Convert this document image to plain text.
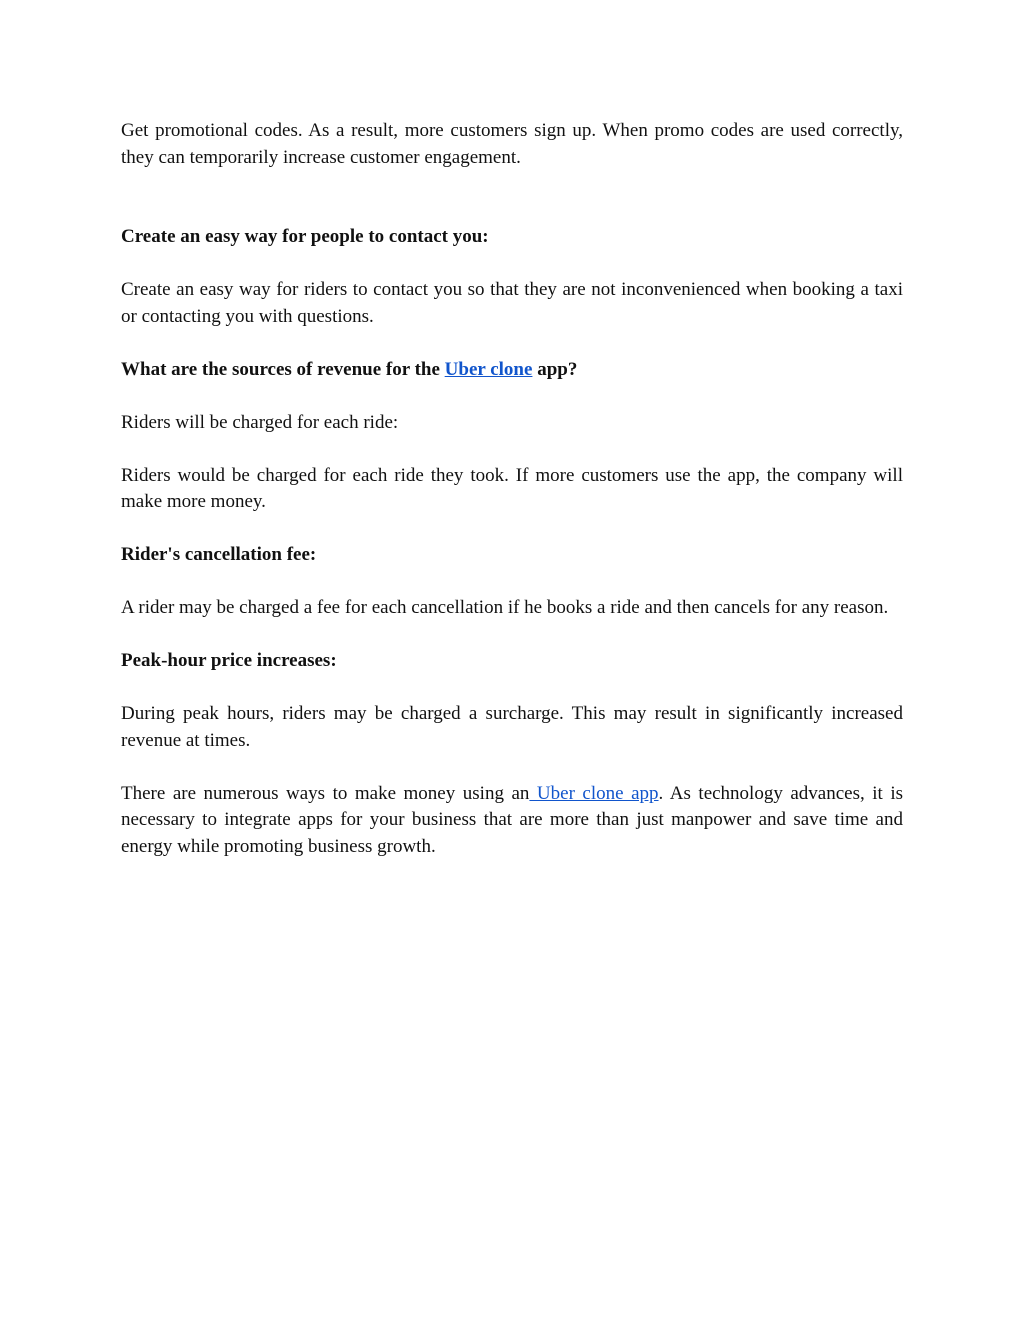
Get promotional codes. As a result, more customers sign up. When promo codes are used correctly, they can temporarily increase customer engagement.

Create an easy way for people to contact you:

Create an easy way for riders to contact you so that they are not inconvenienced when booking a taxi or contacting you with questions.

What are the sources of revenue for the Uber clone app?

Riders will be charged for each ride:

Riders would be charged for each ride they took. If more customers use the app, the company will make more money.

Rider's cancellation fee:

A rider may be charged a fee for each cancellation if he books a ride and then cancels for any reason.

Peak-hour price increases:

During peak hours, riders may be charged a surcharge. This may result in significantly increased revenue at times.

There are numerous ways to make money using an Uber clone app. As technology advances, it is necessary to integrate apps for your business that are more than just manpower and save time and energy while promoting business growth.
